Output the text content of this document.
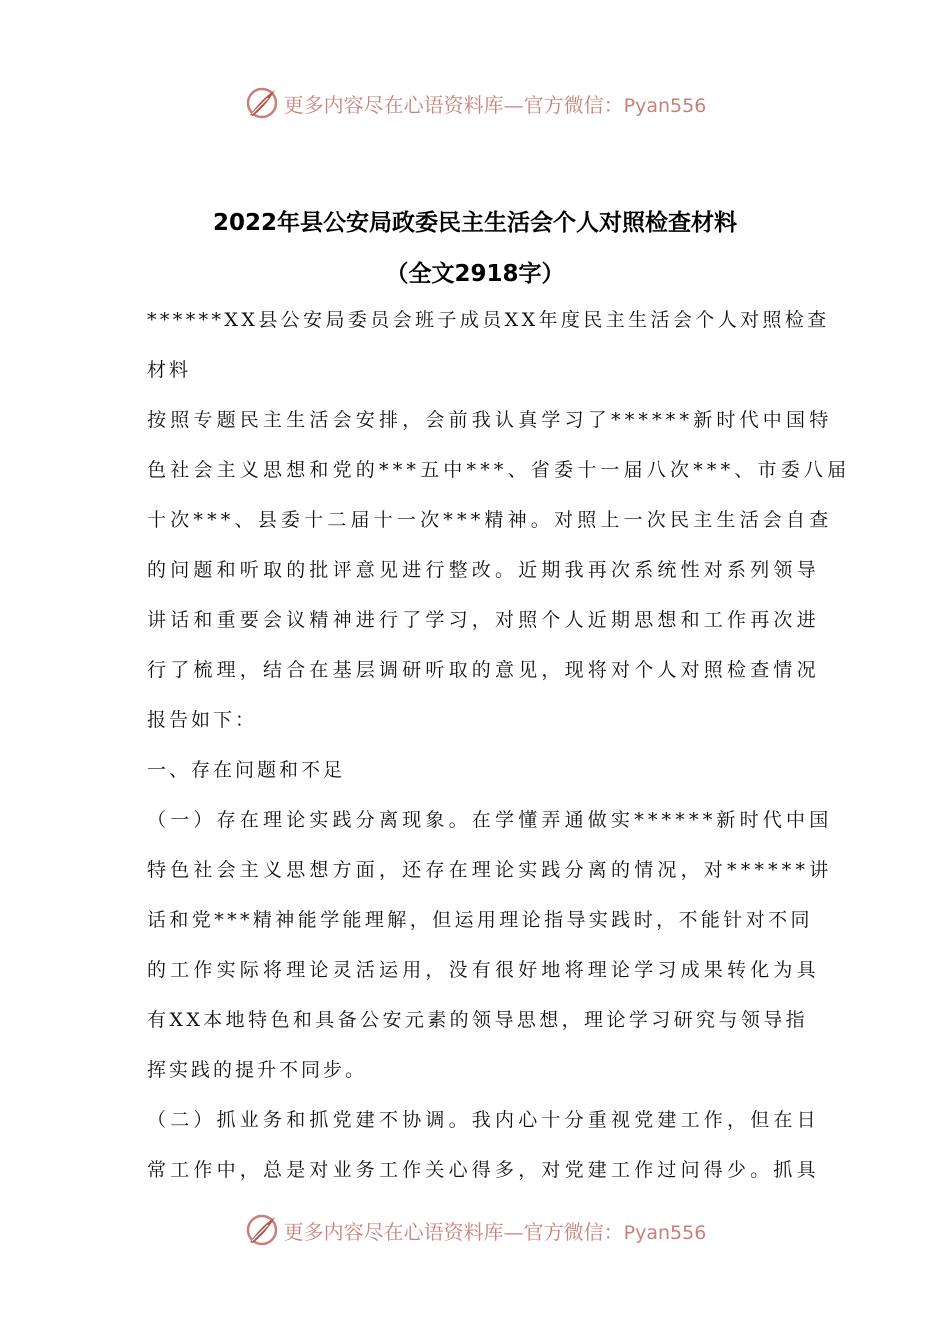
更多内容尽在心语资料库—官方微信：Pyan556
2022年县公安局政委民主生活会个人对照检查材料
（全文2918字）
******XX县公安局委员会班子成员XX年度民主生活会个人对照检查
材料
按照专题民主生活会安排，会前我认真学习了******新时代中国特
色社会主义思想和党的***五中***、省委十一届八次***、市委八届
十次***、县委十二届十一次***精神。对照上一次民主生活会自查
的问题和听取的批评意见进行整改。近期我再次系统性对系列领导
讲话和重要会议精神进行了学习，对照个人近期思想和工作再次进
行了梳理，结合在基层调研听取的意见，现将对个人对照检查情况
报告如下：
一、存在问题和不足
（一）存在理论实践分离现象。在学懂弄通做实******新时代中国
特色社会主义思想方面，还存在理论实践分离的情况，对******讲
话和党***精神能学能理解，但运用理论指导实践时，不能针对不同
的工作实际将理论灵活运用，没有很好地将理论学习成果转化为具
有XX本地特色和具备公安元素的领导思想，理论学习研究与领导指
挥实践的提升不同步。
（二）抓业务和抓党建不协调。我内心十分重视党建工作，但在日
常工作中，总是对业务工作关心得多，对党建工作过问得少。抓具
更多内容尽在心语资料库—官方微信：Pyan556
